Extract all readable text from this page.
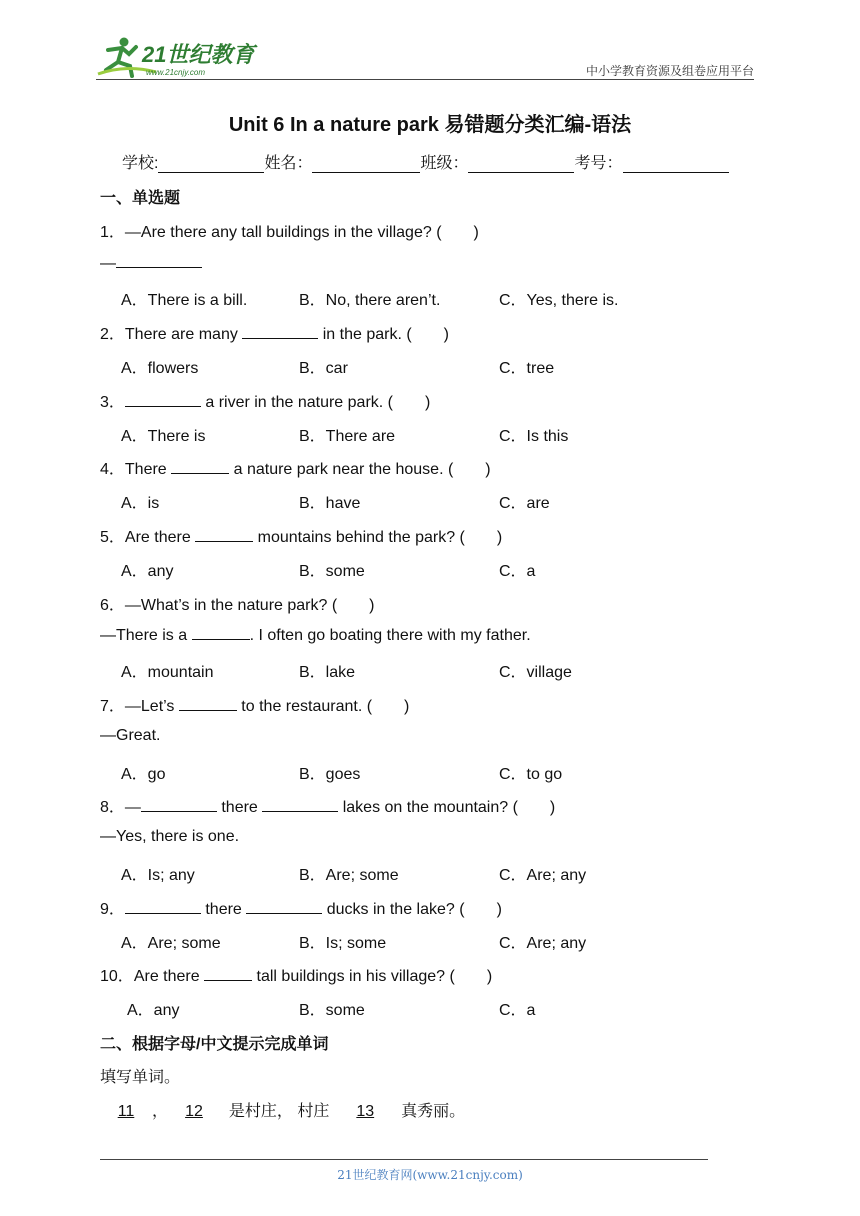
21世纪教育
www.21cnjy.com	中小学教育资源及组卷应用平台
Unit 6 In a nature park 易错题分类汇编-语法
学校:	姓名：	班级：	考号：
一、单选题
1．—Are there any tall buildings in the village? (　　)
—
A．There is a bill.	B．No, there aren’t.	C．Yes, there is.
2．There are many	in the park. (　　)
A．flowers	B．car	C．tree
3．	a river in the nature park. (　　)
A．There is	B．There are	C．Is this
4．There	a nature park near the house. (　　)
A．is	B．have	C．are
5．Are there	mountains behind the park? (　　)
A．any	B．some	C．a
6．—What’s in the nature park? (　　)
—There is a	. I often go boating there with my father.
A．mountain	B．lake	C．village
7．—Let’s	to the restaurant. (　　)
—Great.
A．go	B．goes	C．to go
8．—	there	lakes on the mountain? (　　)
—Yes, there is one.
A．Is; any	B．Are; some	C．Are; any
9．	there	ducks in the lake? (　　)
A．Are; some	B．Is; some	C．Are; any
10．Are there	tall buildings in his village? (　　)
A．any	B．some	C．a
二、根据字母/中文提示完成单词
填写单词。
11 ， 12 是村庄， 村庄 13 真秀丽。
21世纪教育网(www.21cnjy.com)
